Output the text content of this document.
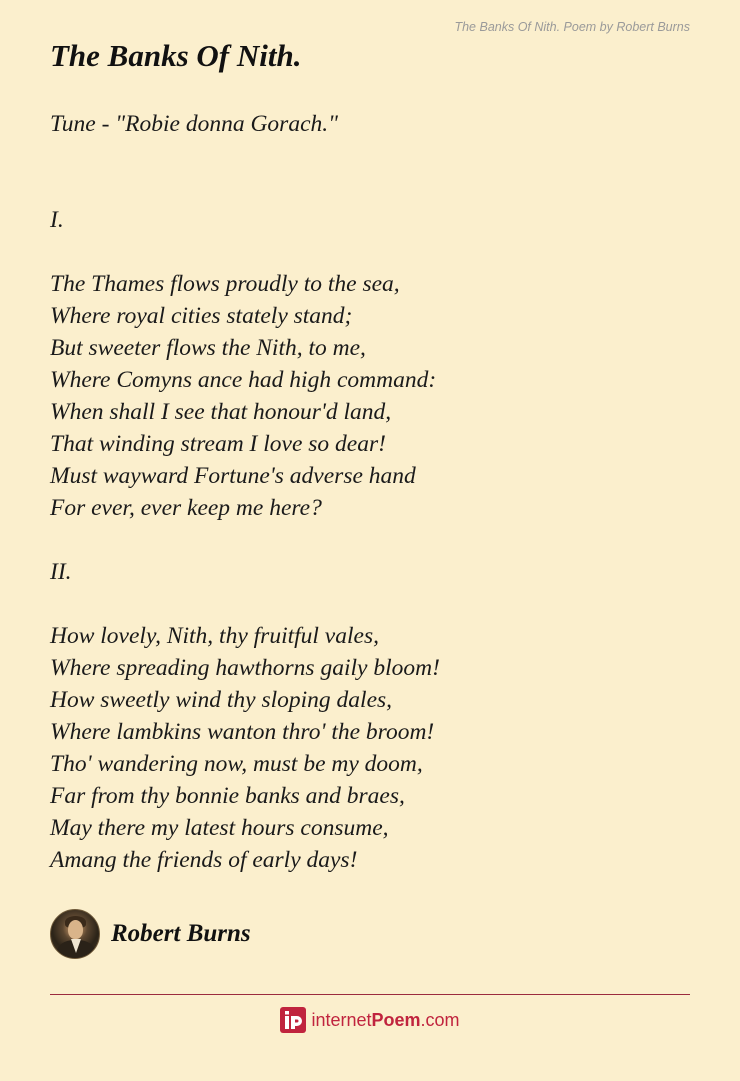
The Banks Of Nith. Poem by Robert Burns
The Banks Of Nith.
Tune - "Robie donna Gorach."
I.
The Thames flows proudly to the sea,
Where royal cities stately stand;
But sweeter flows the Nith, to me,
Where Comyns ance had high command:
When shall I see that honour'd land,
That winding stream I love so dear!
Must wayward Fortune's adverse hand
For ever, ever keep me here?
II.
How lovely, Nith, thy fruitful vales,
Where spreading hawthorns gaily bloom!
How sweetly wind thy sloping dales,
Where lambkins wanton thro' the broom!
Tho' wandering now, must be my doom,
Far from thy bonnie banks and braes,
May there my latest hours consume,
Amang the friends of early days!
Robert Burns
internetPoem.com
